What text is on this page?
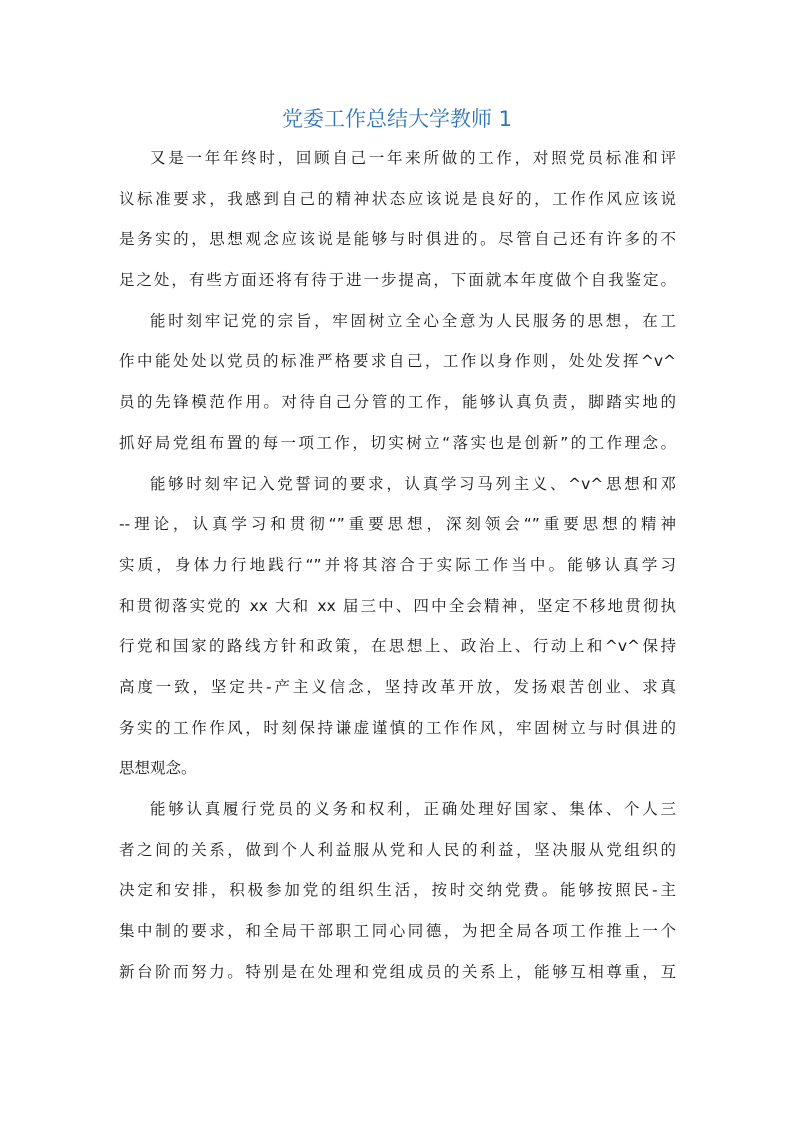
党委工作总结大学教师 1
又是一年年终时，回顾自己一年来所做的工作，对照党员标准和评
议标准要求，我感到自己的精神状态应该说是良好的，工作作风应该说
是务实的，思想观念应该说是能够与时俱进的。尽管自己还有许多的不
足之处，有些方面还将有待于进一步提高，下面就本年度做个自我鉴定。
能时刻牢记党的宗旨，牢固树立全心全意为人民服务的思想，在工
作中能处处以党员的标准严格要求自己，工作以身作则，处处发挥^v^
员的先锋模范作用。对待自己分管的工作，能够认真负责，脚踏实地的
抓好局党组布置的每一项工作，切实树立“落实也是创新”的工作理念。
能够时刻牢记入党誓词的要求，认真学习马列主义、^v^思想和邓
--理论，认真学习和贯彻“”重要思想，深刻领会“”重要思想的精神
实质，身体力行地践行“”并将其溶合于实际工作当中。能够认真学习
和贯彻落实党的 xx 大和 xx 届三中、四中全会精神，坚定不移地贯彻执
行党和国家的路线方针和政策，在思想上、政治上、行动上和^v^保持
高度一致，坚定共-产主义信念，坚持改革开放，发扬艰苦创业、求真
务实的工作作风，时刻保持谦虚谨慎的工作作风，牢固树立与时俱进的
思想观念。
能够认真履行党员的义务和权利，正确处理好国家、集体、个人三
者之间的关系，做到个人利益服从党和人民的利益，坚决服从党组织的
决定和安排，积极参加党的组织生活，按时交纳党费。能够按照民-主
集中制的要求，和全局干部职工同心同德，为把全局各项工作推上一个
新台阶而努力。特别是在处理和党组成员的关系上，能够互相尊重，互
